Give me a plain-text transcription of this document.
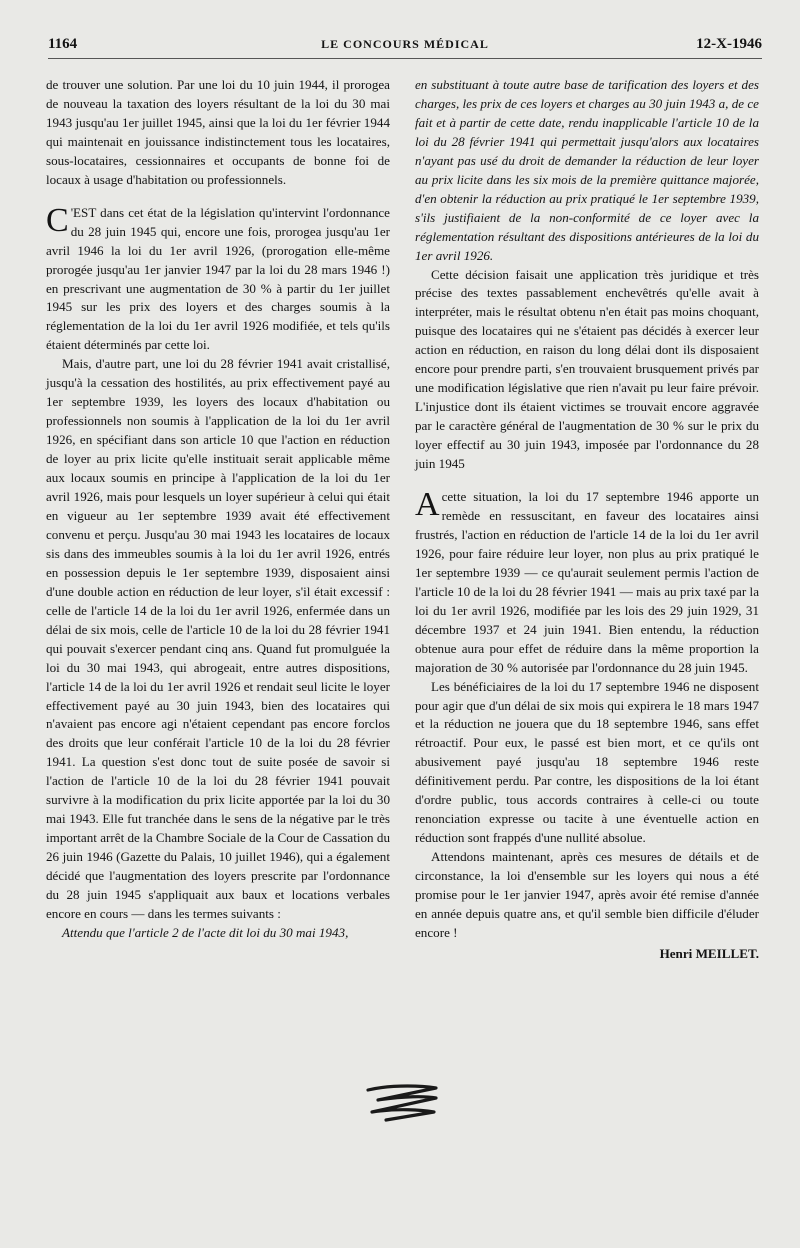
1164	LE CONCOURS MÉDICAL	12-X-1946

de trouver une solution. Par une loi du 10 juin 1944, il prorogea de nouveau la taxation des loyers résultant de la loi du 30 mai 1943 jusqu'au 1er juillet 1945, ainsi que la loi du 1er février 1944 qui maintenait en jouissance indistinctement tous les locataires, sous-locataires, cessionnaires et occupants de bonne foi de locaux à usage d'habitation ou professionnels.

C 'EST dans cet état de la législation qu'intervint l'ordonnance du 28 juin 1945 qui, encore une fois, prorogea jusqu'au 1er avril 1946 la loi du 1er avril 1926, (prorogation elle-même prorogée jusqu'au 1er janvier 1947 par la loi du 28 mars 1946 !) en prescrivant une augmentation de 30 % à partir du 1er juillet 1945 sur les prix des loyers et des charges soumis à la réglementation de la loi du 1er avril 1926 modifiée, et tels qu'ils étaient déterminés par cette loi.

Mais, d'autre part, une loi du 28 février 1941 avait cristallisé, jusqu'à la cessation des hostilités, au prix effectivement payé au 1er septembre 1939, les loyers des locaux d'habitation ou professionnels non soumis à l'application de la loi du 1er avril 1926, en spécifiant dans son article 10 que l'action en réduction de loyer au prix licite qu'elle instituait serait applicable même aux locaux soumis en principe à l'application de la loi du 1er avril 1926, mais pour lesquels un loyer supérieur à celui qui était en vigueur au 1er septembre 1939 avait été effectivement convenu et perçu. Jusqu'au 30 mai 1943 les locataires de locaux sis dans des immeubles soumis à la loi du 1er avril 1926, entrés en possession depuis le 1er septembre 1939, disposaient ainsi d'une double action en réduction de leur loyer, s'il était excessif : celle de l'article 14 de la loi du 1er avril 1926, enfermée dans un délai de six mois, celle de l'article 10 de la loi du 28 février 1941 qui pouvait s'exercer pendant cinq ans. Quand fut promulguée la loi du 30 mai 1943, qui abrogeait, entre autres dispositions, l'article 14 de la loi du 1er avril 1926 et rendait seul licite le loyer effectivement payé au 30 juin 1943, bien des locataires qui n'avaient pas encore agi n'étaient cependant pas encore forclos des droits que leur conférait l'article 10 de la loi du 28 février 1941. La question s'est donc tout de suite posée de savoir si l'action de l'article 10 de la loi du 28 février 1941 pouvait survivre à la modification du prix licite apportée par la loi du 30 mai 1943. Elle fut tranchée dans le sens de la négative par le très important arrêt de la Chambre Sociale de la Cour de Cassation du 26 juin 1946 (Gazette du Palais, 10 juillet 1946), qui a également décidé que l'augmentation des loyers prescrite par l'ordonnance du 28 juin 1945 s'appliquait aux baux et locations verbales encore en cours — dans les termes suivants :

Attendu que l'article 2 de l'acte dit loi du 30 mai 1943,

en substituant à toute autre base de tarification des loyers et des charges, les prix de ces loyers et charges au 30 juin 1943 a, de ce fait et à partir de cette date, rendu inapplicable l'article 10 de la loi du 28 février 1941 qui permettait jusqu'alors aux locataires n'ayant pas usé du droit de demander la réduction de leur loyer au prix licite dans les six mois de la première quittance majorée, d'en obtenir la réduction au prix pratiqué le 1er septembre 1939, s'ils justifiaient de la non-conformité de ce loyer avec la réglementation résultant des dispositions antérieures de la loi du 1er avril 1926.

Cette décision faisait une application très juridique et très précise des textes passablement enchevêtrés qu'elle avait à interpréter, mais le résultat obtenu n'en était pas moins choquant, puisque des locataires qui ne s'étaient pas décidés à exercer leur action en réduction, en raison du long délai dont ils disposaient encore pour prendre parti, s'en trouvaient brusquement privés par une modification législative que rien n'avait pu leur faire prévoir. L'injustice dont ils étaient victimes se trouvait encore aggravée par le caractère général de l'augmentation de 30 % sur le prix du loyer effectif au 30 juin 1943, imposée par l'ordonnance du 28 juin 1945

A cette situation, la loi du 17 septembre 1946 apporte un remède en ressuscitant, en faveur des locataires ainsi frustrés, l'action en réduction de l'article 14 de la loi du 1er avril 1926, pour faire réduire leur loyer, non plus au prix pratiqué le 1er septembre 1939 — ce qu'aurait seulement permis l'action de l'article 10 de la loi du 28 février 1941 — mais au prix taxé par la loi du 1er avril 1926, modifiée par les lois des 29 juin 1929, 31 décembre 1937 et 24 juin 1941. Bien entendu, la réduction obtenue aura pour effet de réduire dans la même proportion la majoration de 30 % autorisée par l'ordonnance du 28 juin 1945.

Les bénéficiaires de la loi du 17 septembre 1946 ne disposent pour agir que d'un délai de six mois qui expirera le 18 mars 1947 et la réduction ne jouera que du 18 septembre 1946, sans effet rétroactif. Pour eux, le passé est bien mort, et ce qu'ils ont abusivement payé jusqu'au 18 septembre 1946 reste définitivement perdu. Par contre, les dispositions de la loi étant d'ordre public, tous accords contraires à celle-ci ou toute renonciation expresse ou tacite à une éventuelle action en réduction sont frappés d'une nullité absolue.

Attendons maintenant, après ces mesures de détails et de circonstance, la loi d'ensemble sur les loyers qui nous a été promise pour le 1er janvier 1947, après avoir été remise d'année en année depuis quatre ans, et qu'il semble bien difficile d'éluder encore !

Henri MEILLET.
